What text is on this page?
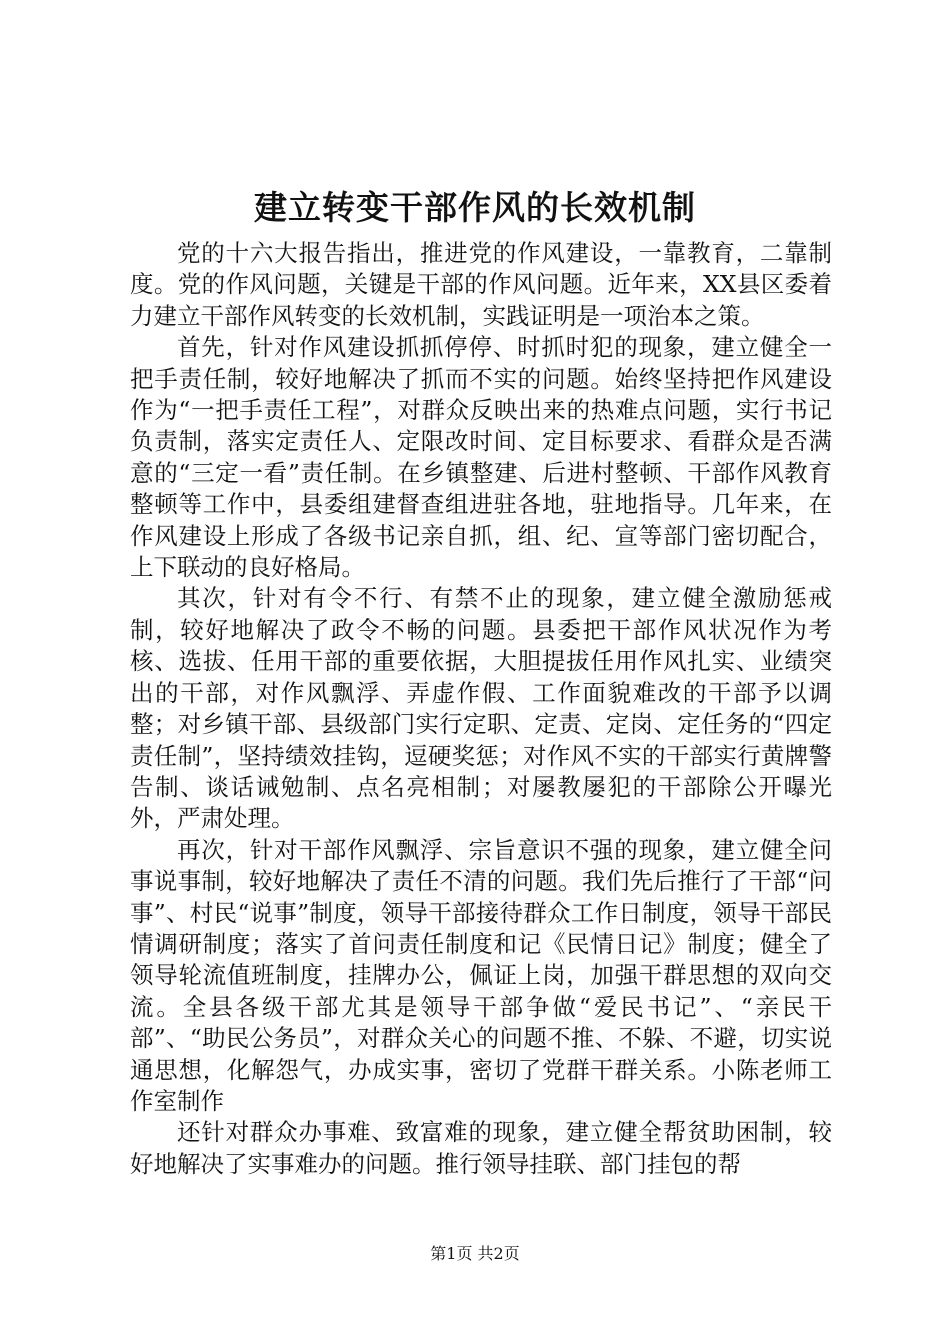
建立转变干部作风的长效机制

党的十六大报告指出，推进党的作风建设，一靠教育，二靠制度。党的作风问题，关键是干部的作风问题。近年来，XX县区委着力建立干部作风转变的长效机制，实践证明是一项治本之策。

首先，针对作风建设抓抓停停、时抓时犯的现象，建立健全一把手责任制，较好地解决了抓而不实的问题。始终坚持把作风建设作为“一把手责任工程”，对群众反映出来的热难点问题，实行书记负责制，落实定责任人、定限改时间、定目标要求、看群众是否满意的“三定一看”责任制。在乡镇整建、后进村整顿、干部作风教育整顿等工作中，县委组建督查组进驻各地，驻地指导。几年来，在作风建设上形成了各级书记亲自抓，组、纪、宣等部门密切配合，上下联动的良好格局。

其次，针对有令不行、有禁不止的现象，建立健全激励惩戒制，较好地解决了政令不畅的问题。县委把干部作风状况作为考核、选拔、任用干部的重要依据，大胆提拔任用作风扎实、业绩突出的干部，对作风飘浮、弄虚作假、工作面貌难改的干部予以调整；对乡镇干部、县级部门实行定职、定责、定岗、定任务的“四定责任制”，坚持绩效挂钩，逗硬奖惩；对作风不实的干部实行黄牌警告制、谈话诫勉制、点名亮相制；对屡教屡犯的干部除公开曝光外，严肃处理。

再次，针对干部作风飘浮、宗旨意识不强的现象，建立健全问事说事制，较好地解决了责任不清的问题。我们先后推行了干部“问事”、村民“说事”制度，领导干部接待群众工作日制度，领导干部民情调研制度；落实了首问责任制度和记《民情日记》制度；健全了领导轮流值班制度，挂牌办公，佩证上岗，加强干群思想的双向交流。全县各级干部尤其是领导干部争做“爱民书记”、“亲民干部”、“助民公务员”，对群众关心的问题不推、不躲、不避，切实说通思想，化解怨气，办成实事，密切了党群干群关系。小陈老师工作室制作

还针对群众办事难、致富难的现象，建立健全帮贫助困制，较好地解决了实事难办的问题。推行领导挂联、部门挂包的帮

第1页 共2页
